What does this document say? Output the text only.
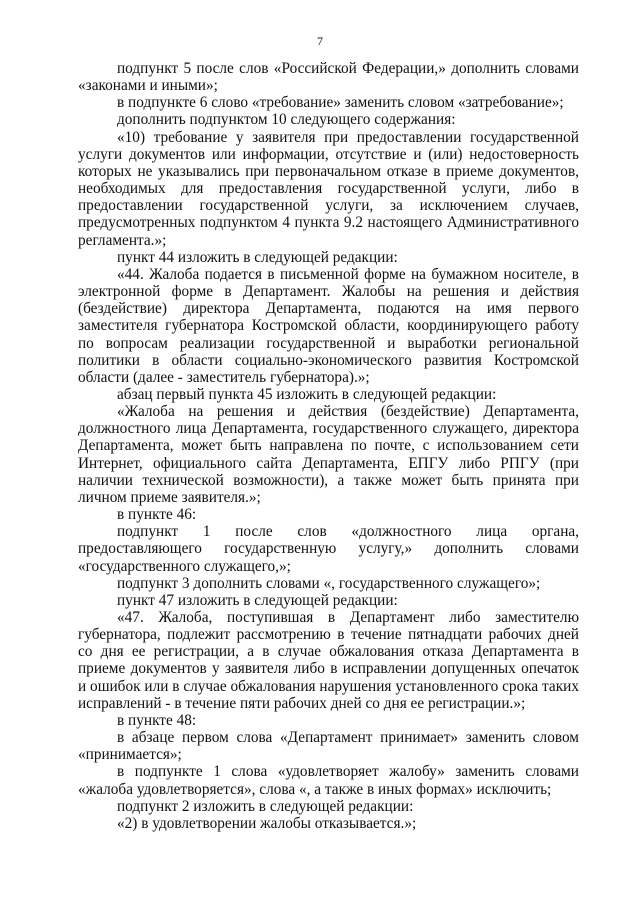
7

подпункт 5 после слов «Российской Федерации,» дополнить словами «законами и иными»;

в подпункте 6 слово «требование» заменить словом «затребование»;

дополнить подпунктом 10 следующего содержания:

«10) требование у заявителя при предоставлении государственной услуги документов или информации, отсутствие и (или) недостоверность которых не указывались при первоначальном отказе в приеме документов, необходимых для предоставления государственной услуги, либо в предоставлении государственной услуги, за исключением случаев, предусмотренных подпунктом 4 пункта 9.2 настоящего Административного регламента.»;

пункт 44 изложить в следующей редакции:

«44. Жалоба подается в письменной форме на бумажном носителе, в электронной форме в Департамент. Жалобы на решения и действия (бездействие) директора Департамента, подаются на имя первого заместителя губернатора Костромской области, координирующего работу по вопросам реализации государственной и выработки региональной политики в области социально-экономического развития Костромской области (далее - заместитель губернатора).»;

абзац первый пункта 45 изложить в следующей редакции:

«Жалоба на решения и действия (бездействие) Департамента, должностного лица Департамента, государственного служащего, директора Департамента, может быть направлена по почте, с использованием сети Интернет, официального сайта Департамента, ЕПГУ либо РПГУ (при наличии технической возможности), а также может быть принята при личном приеме заявителя.»;

в пункте 46:

подпункт 1 после слов «должностного лица органа, предоставляющего государственную услугу,» дополнить словами «государственного служащего,»;

подпункт 3 дополнить словами «, государственного служащего»;

пункт 47 изложить в следующей редакции:

«47. Жалоба, поступившая в Департамент либо заместителю губернатора, подлежит рассмотрению в течение пятнадцати рабочих дней со дня ее регистрации, а в случае обжалования отказа Департамента в приеме документов у заявителя либо в исправлении допущенных опечаток и ошибок или в случае обжалования нарушения установленного срока таких исправлений - в течение пяти рабочих дней со дня ее регистрации.»;

в пункте 48:

в абзаце первом слова «Департамент принимает» заменить словом «принимается»;

в подпункте 1 слова «удовлетворяет жалобу» заменить словами «жалоба удовлетворяется», слова «, а также в иных формах» исключить;

подпункт 2 изложить в следующей редакции:

«2) в удовлетворении жалобы отказывается.»;
